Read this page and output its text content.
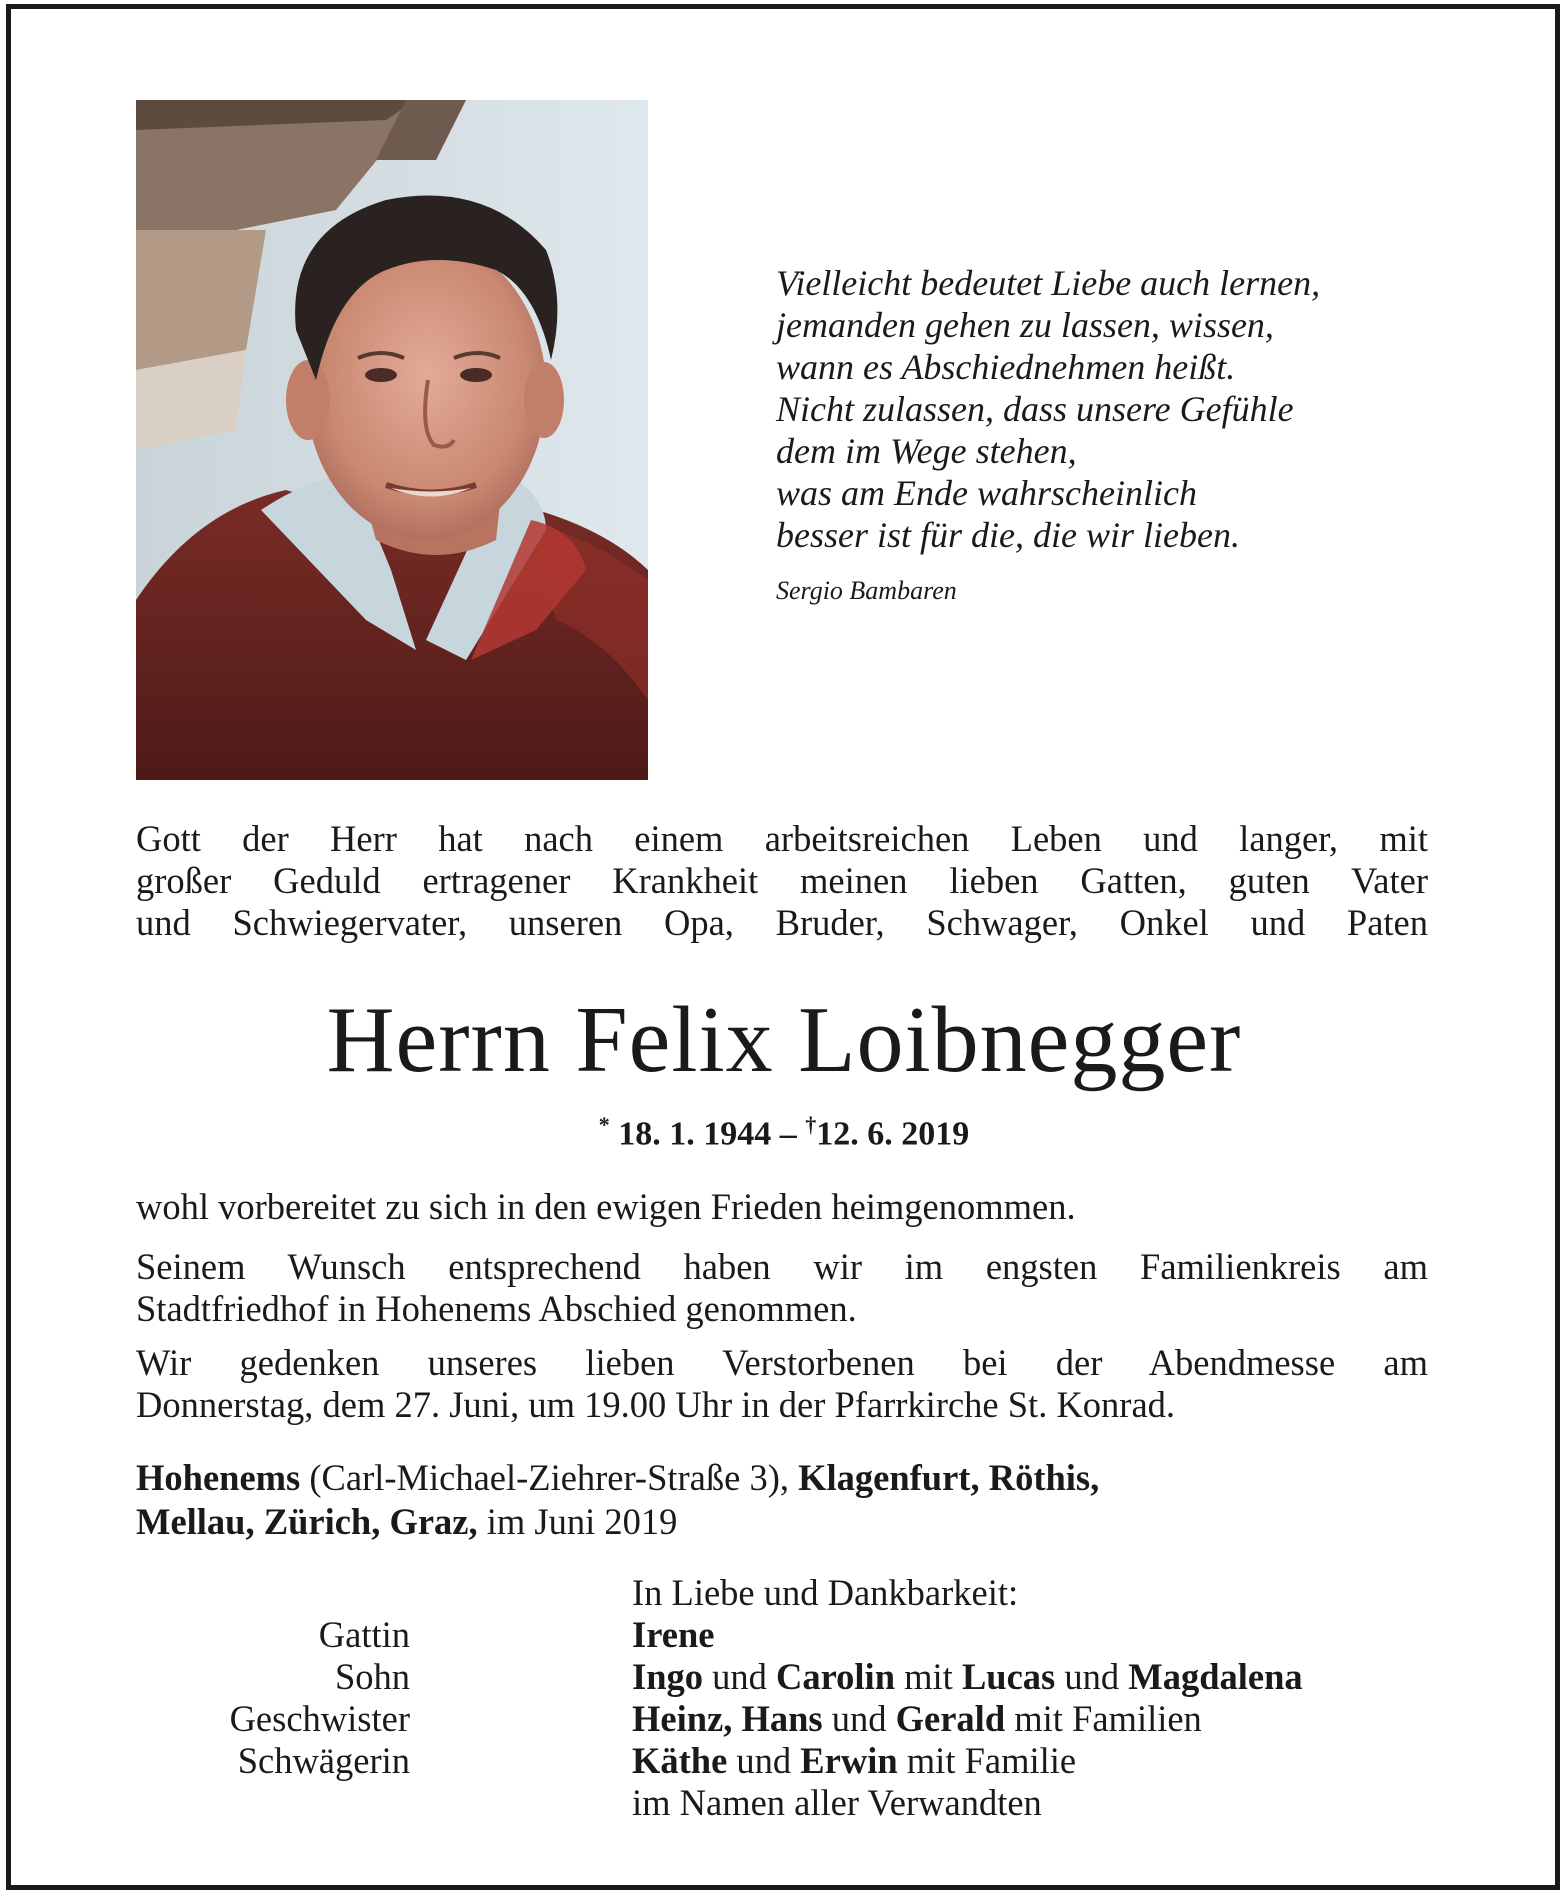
Vielleicht bedeutet Liebe auch lernen,
jemanden gehen zu lassen, wissen,
wann es Abschiednehmen heißt.
Nicht zulassen, dass unsere Gefühle
dem im Wege stehen,
was am Ende wahrscheinlich
besser ist für die, die wir lieben.
Sergio Bambaren
Gott der Herr hat nach einem arbeitsreichen Leben und langer, mit
großer Geduld ertragener Krankheit meinen lieben Gatten, guten Vater
und Schwiegervater, unseren Opa, Bruder, Schwager, Onkel und Paten
Herrn Felix Loibnegger
* 18. 1. 1944 – †12. 6. 2019
wohl vorbereitet zu sich in den ewigen Frieden heimgenommen.
Seinem Wunsch entsprechend haben wir im engsten Familienkreis am
Stadtfriedhof in Hohenems Abschied genommen.
Wir gedenken unseres lieben Verstorbenen bei der Abendmesse am
Donnerstag, dem 27. Juni, um 19.00 Uhr in der Pfarrkirche St. Konrad.
Hohenems (Carl-Michael-Ziehrer-Straße 3), Klagenfurt, Röthis,
Mellau, Zürich, Graz, im Juni 2019
In Liebe und Dankbarkeit:
Gattin	Irene
Sohn	Ingo und Carolin mit Lucas und Magdalena
Geschwister	Heinz, Hans und Gerald mit Familien
Schwägerin	Käthe und Erwin mit Familie
im Namen aller Verwandten
